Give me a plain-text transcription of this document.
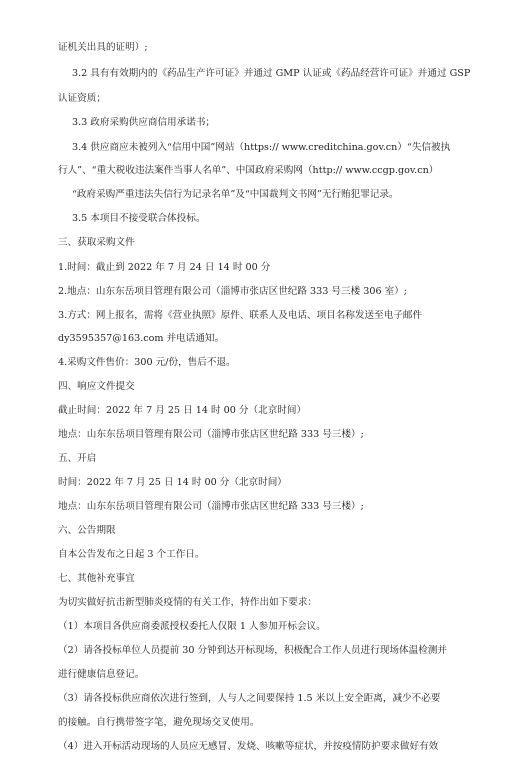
证机关出具的证明）;
3.2 具有有效期内的《药品生产许可证》并通过 GMP 认证或《药品经营许可证》并通过 GSP
认证资质；
3.3 政府采购供应商信用承诺书；
3.4 供应商应未被列入“信用中国”网站（https:// www.creditchina.gov.cn）“失信被执
行人”、“重大税收违法案件当事人名单”、中国政府采购网（http:// www.ccgp.gov.cn）
“政府采购严重违法失信行为记录名单”及“中国裁判文书网”无行贿犯罪记录。
3.5 本项目不接受联合体投标。
三、获取采购文件
1.时间：截止到 2022 年 7 月 24 日 14 时 00 分
2.地点：山东东岳项目管理有限公司（淄博市张店区世纪路 333 号三楼 306 室）;
3.方式：网上报名，需将《营业执照》原件、联系人及电话、项目名称发送至电子邮件
dy3595357@163.com 并电话通知。
4.采购文件售价：300 元/份，售后不退。
四、响应文件提交
截止时间：2022 年 7 月 25 日 14 时 00 分（北京时间）
地点：山东东岳项目管理有限公司（淄博市张店区世纪路 333 号三楼）;
五、开启
时间：2022 年 7 月 25 日 14 时 00 分（北京时间）
地点：山东东岳项目管理有限公司（淄博市张店区世纪路 333 号三楼）;
六、公告期限
自本公告发布之日起 3 个工作日。
七、其他补充事宜
为切实做好抗击新型肺炎疫情的有关工作，特作出如下要求：
（1）本项目各供应商委派授权委托人仅限 1 人参加开标会议。
（2）请各投标单位人员提前 30 分钟到达开标现场，积极配合工作人员进行现场体温检测并
进行健康信息登记。
（3）请各投标供应商依次进行签到，人与人之间要保持 1.5 米以上安全距离，减少不必要
的接触。自行携带签字笔，避免现场交叉使用。
（4）进入开标活动现场的人员应无感冒、发烧、咳嗽等症状，并按疫情防护要求做好有效
